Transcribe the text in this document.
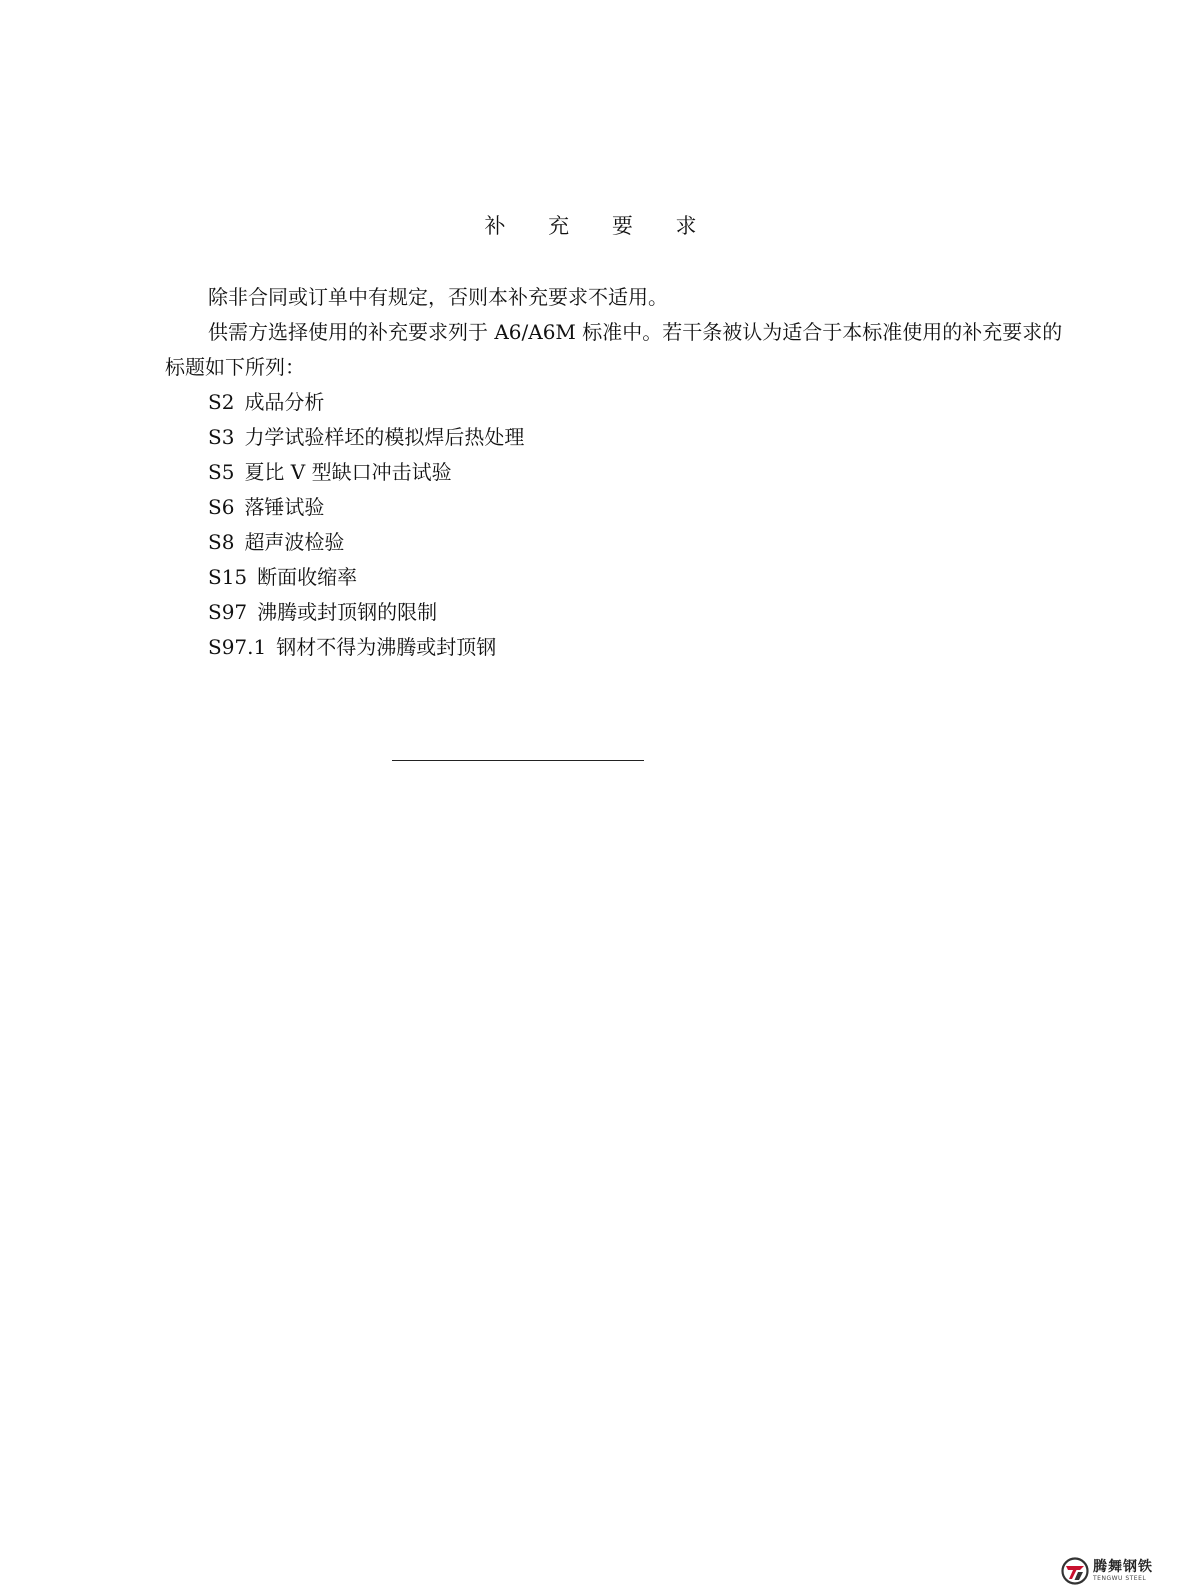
补 充 要 求

除非合同或订单中有规定，否则本补充要求不适用。

供需方选择使用的补充要求列于 A6/A6M 标准中。若干条被认为适合于本标准使用的补充要求的标题如下所列：

S2 成品分析
S3 力学试验样坯的模拟焊后热处理
S5 夏比 V 型缺口冲击试验
S6 落锤试验
S8 超声波检验
S15 断面收缩率
S97 沸腾或封顶钢的限制
S97.1 钢材不得为沸腾或封顶钢
腾舞钢铁
TENGWU STEEL
